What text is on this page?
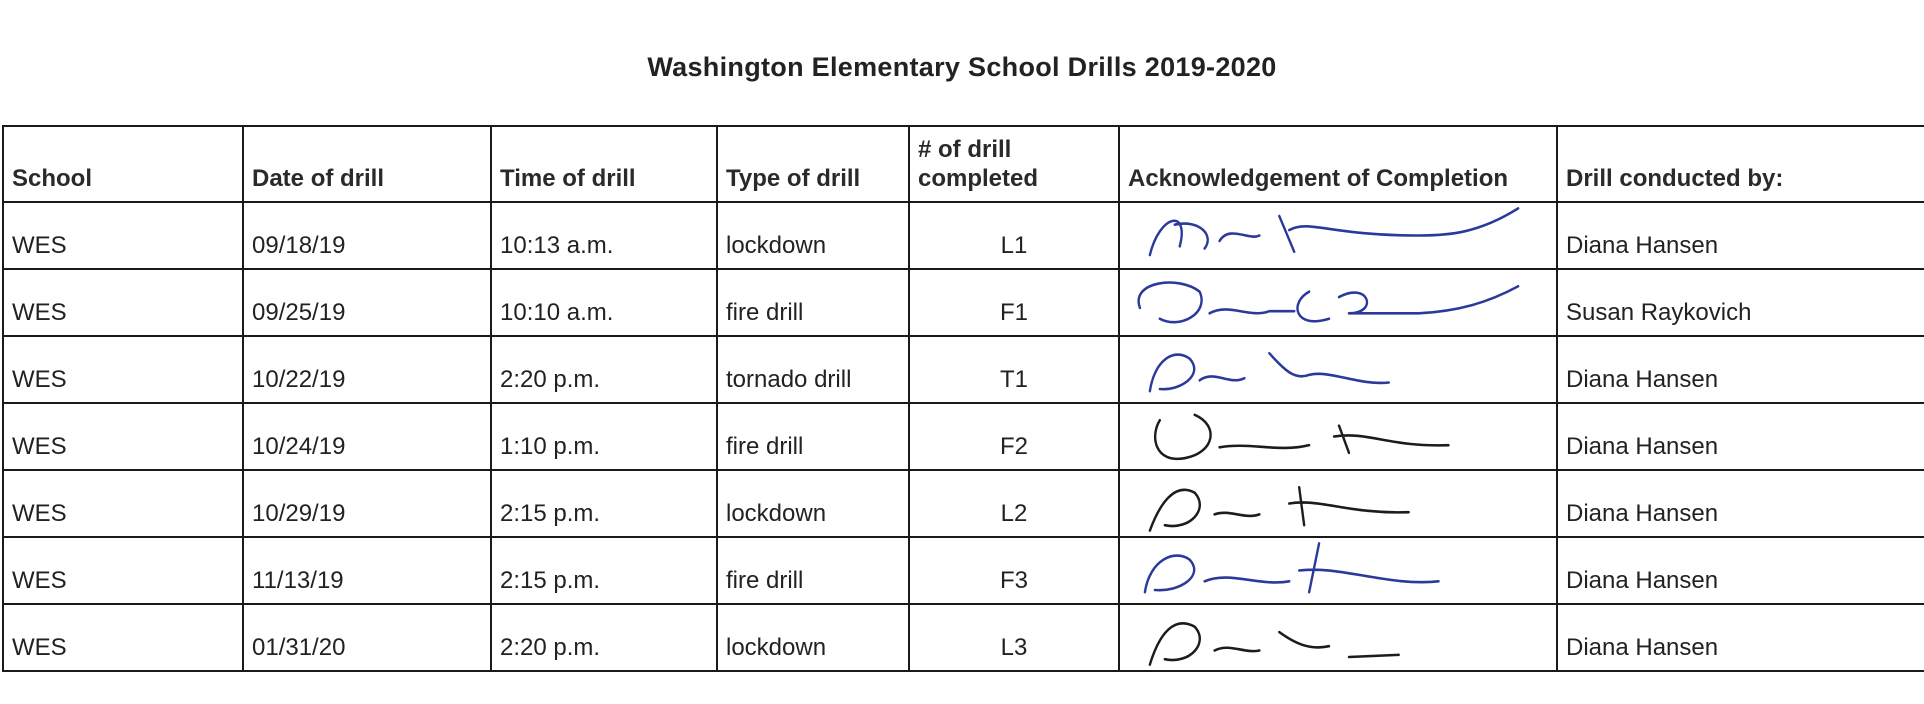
Washington Elementary School Drills 2019-2020
School	Date of drill	Time of drill	Type of drill	# of drill completed	Acknowledgement of Completion	Drill conducted by:
WES	09/18/19	10:13 a.m.	lockdown	L1		Diana Hansen
WES	09/25/19	10:10 a.m.	fire drill	F1		Susan Raykovich
WES	10/22/19	2:20 p.m.	tornado drill	T1		Diana Hansen
WES	10/24/19	1:10 p.m.	fire drill	F2		Diana Hansen
WES	10/29/19	2:15 p.m.	lockdown	L2		Diana Hansen
WES	11/13/19	2:15 p.m.	fire drill	F3		Diana Hansen
WES	01/31/20	2:20 p.m.	lockdown	L3		Diana Hansen
